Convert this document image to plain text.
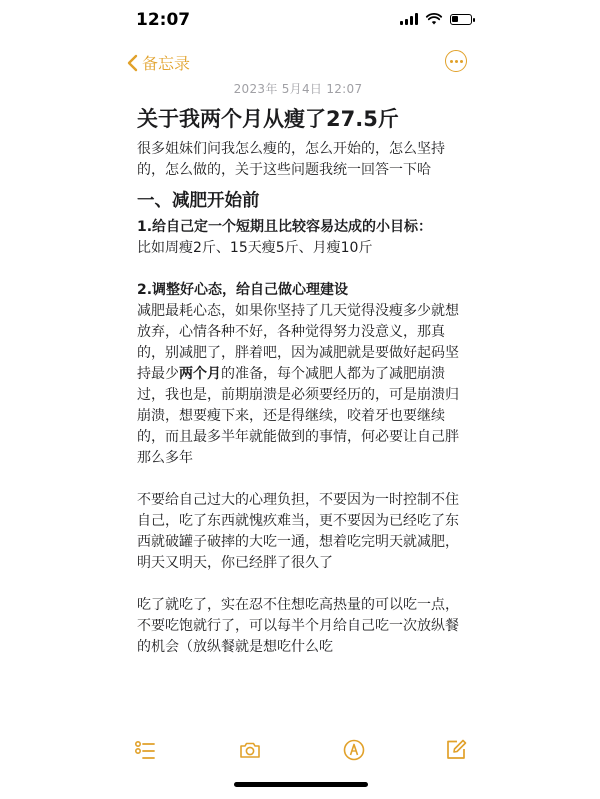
12:07
备忘录

2023年 5月4日 12:07

关于我两个月从瘦了27.5斤

很多姐妹们问我怎么瘦的，怎么开始的，怎么坚持的，怎么做的，关于这些问题我统一回答一下哈

一、减肥开始前

1.给自己定一个短期且比较容易达成的小目标：

比如周瘦2斤、15天瘦5斤、月瘦10斤

2.调整好心态，给自己做心理建设

减肥最耗心态，如果你坚持了几天觉得没瘦多少就想放弃，心情各种不好，各种觉得努力没意义，那真的，别减肥了，胖着吧，因为减肥就是要做好起码坚持最少两个月的准备，每个减肥人都为了减肥崩溃过，我也是，前期崩溃是必须要经历的，可是崩溃归崩溃，想要瘦下来，还是得继续，咬着牙也要继续的，而且最多半年就能做到的事情，何必要让自己胖那么多年

不要给自己过大的心理负担，不要因为一时控制不住自己，吃了东西就愧疚难当，更不要因为已经吃了东西就破罐子破摔的大吃一通，想着吃完明天就减肥，明天又明天，你已经胖了很久了

吃了就吃了，实在忍不住想吃高热量的可以吃一点，不要吃饱就行了，可以每半个月给自己吃一次放纵餐的机会（放纵餐就是想吃什么吃
